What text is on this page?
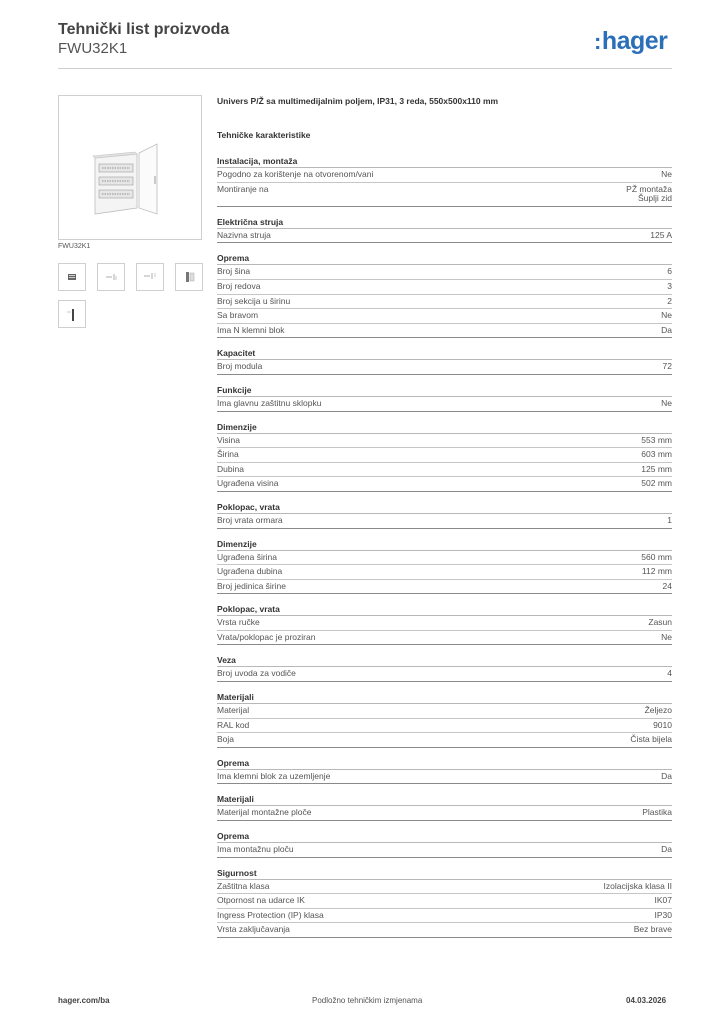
Tehnički list proizvoda
FWU32K1	:hager
FWU32K1
Univers P/Ž sa multimedijalnim poljem, IP31, 3 reda, 550x500x110 mm
Tehničke karakteristike
Instalacija, montaža
Pogodno za korištenje na otvorenom/vani	Ne
Montiranje na	PŽ montaža
Šuplji zid
Električna struja
Nazivna struja	125 A
Oprema
Broj šina	6
Broj redova	3
Broj sekcija u širinu	2
Sa bravom	Ne
Ima N klemni blok	Da
Kapacitet
Broj modula	72
Funkcije
Ima glavnu zaštitnu sklopku	Ne
Dimenzije
Visina	553 mm
Širina	603 mm
Dubina	125 mm
Ugrađena visina	502 mm
Poklopac, vrata
Broj vrata ormara	1
Dimenzije
Ugrađena širina	560 mm
Ugrađena dubina	112 mm
Broj jedinica širine	24
Poklopac, vrata
Vrsta ručke	Zasun
Vrata/poklopac je proziran	Ne
Veza
Broj uvoda za vodiče	4
Materijali
Materijal	Željezo
RAL kod	9010
Boja	Čista bijela
Oprema
Ima klemni blok za uzemljenje	Da
Materijali
Materijal montažne ploče	Plastika
Oprema
Ima montažnu ploču	Da
Sigurnost
Zaštitna klasa	Izolacijska klasa II
Otpornost na udarce IK	IK07
Ingress Protection (IP) klasa	IP30
Vrsta zaključavanja	Bez brave
hager.com/ba	Podložno tehničkim izmjenama	04.03.2026
